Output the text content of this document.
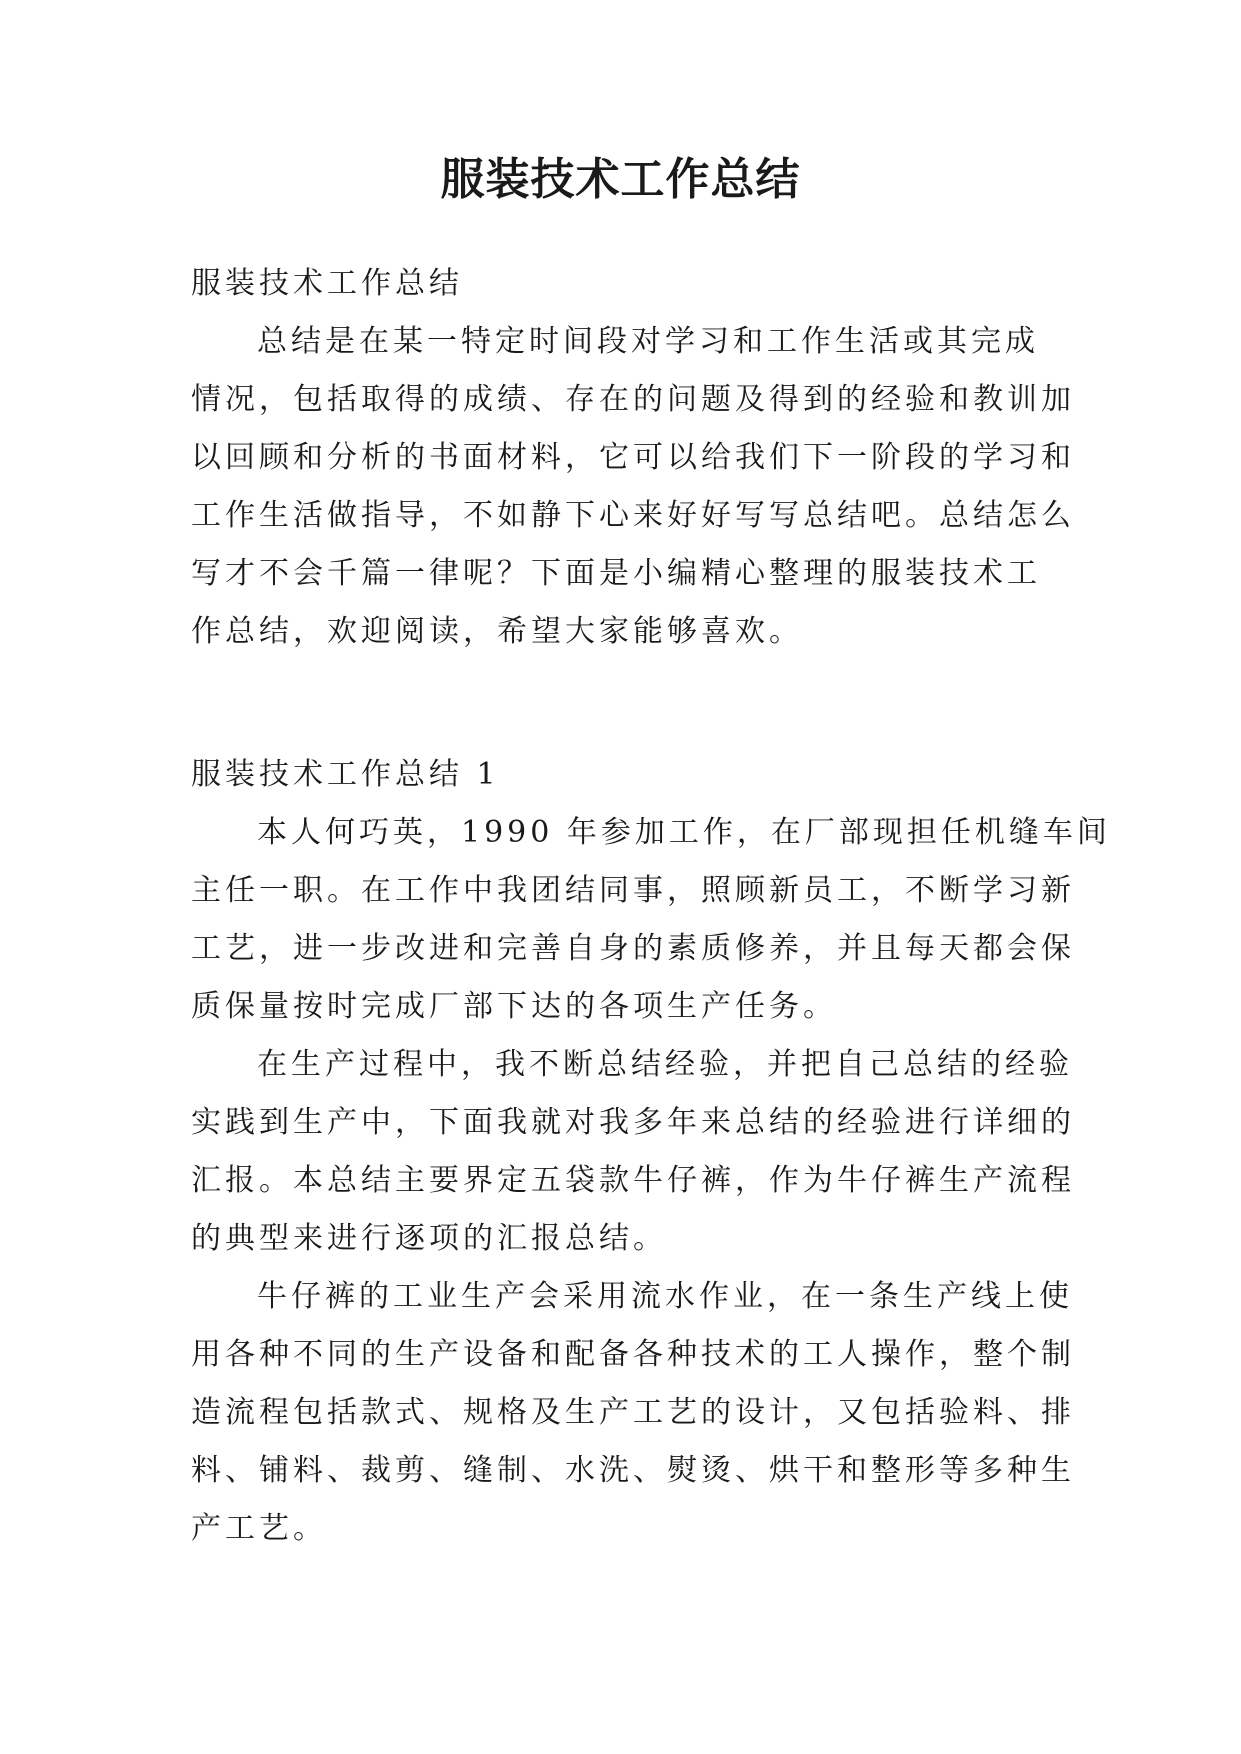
服装技术工作总结
服装技术工作总结
总结是在某一特定时间段对学习和工作生活或其完成
情况，包括取得的成绩、存在的问题及得到的经验和教训加
以回顾和分析的书面材料，它可以给我们下一阶段的学习和
工作生活做指导，不如静下心来好好写写总结吧。总结怎么
写才不会千篇一律呢？下面是小编精心整理的服装技术工
作总结，欢迎阅读，希望大家能够喜欢。
服装技术工作总结 1
本人何巧英，1990 年参加工作，在厂部现担任机缝车间
主任一职。在工作中我团结同事，照顾新员工，不断学习新
工艺，进一步改进和完善自身的素质修养，并且每天都会保
质保量按时完成厂部下达的各项生产任务。
在生产过程中，我不断总结经验，并把自己总结的经验
实践到生产中，下面我就对我多年来总结的经验进行详细的
汇报。本总结主要界定五袋款牛仔裤，作为牛仔裤生产流程
的典型来进行逐项的汇报总结。
牛仔裤的工业生产会采用流水作业，在一条生产线上使
用各种不同的生产设备和配备各种技术的工人操作，整个制
造流程包括款式、规格及生产工艺的设计，又包括验料、排
料、铺料、裁剪、缝制、水洗、熨烫、烘干和整形等多种生
产工艺。
